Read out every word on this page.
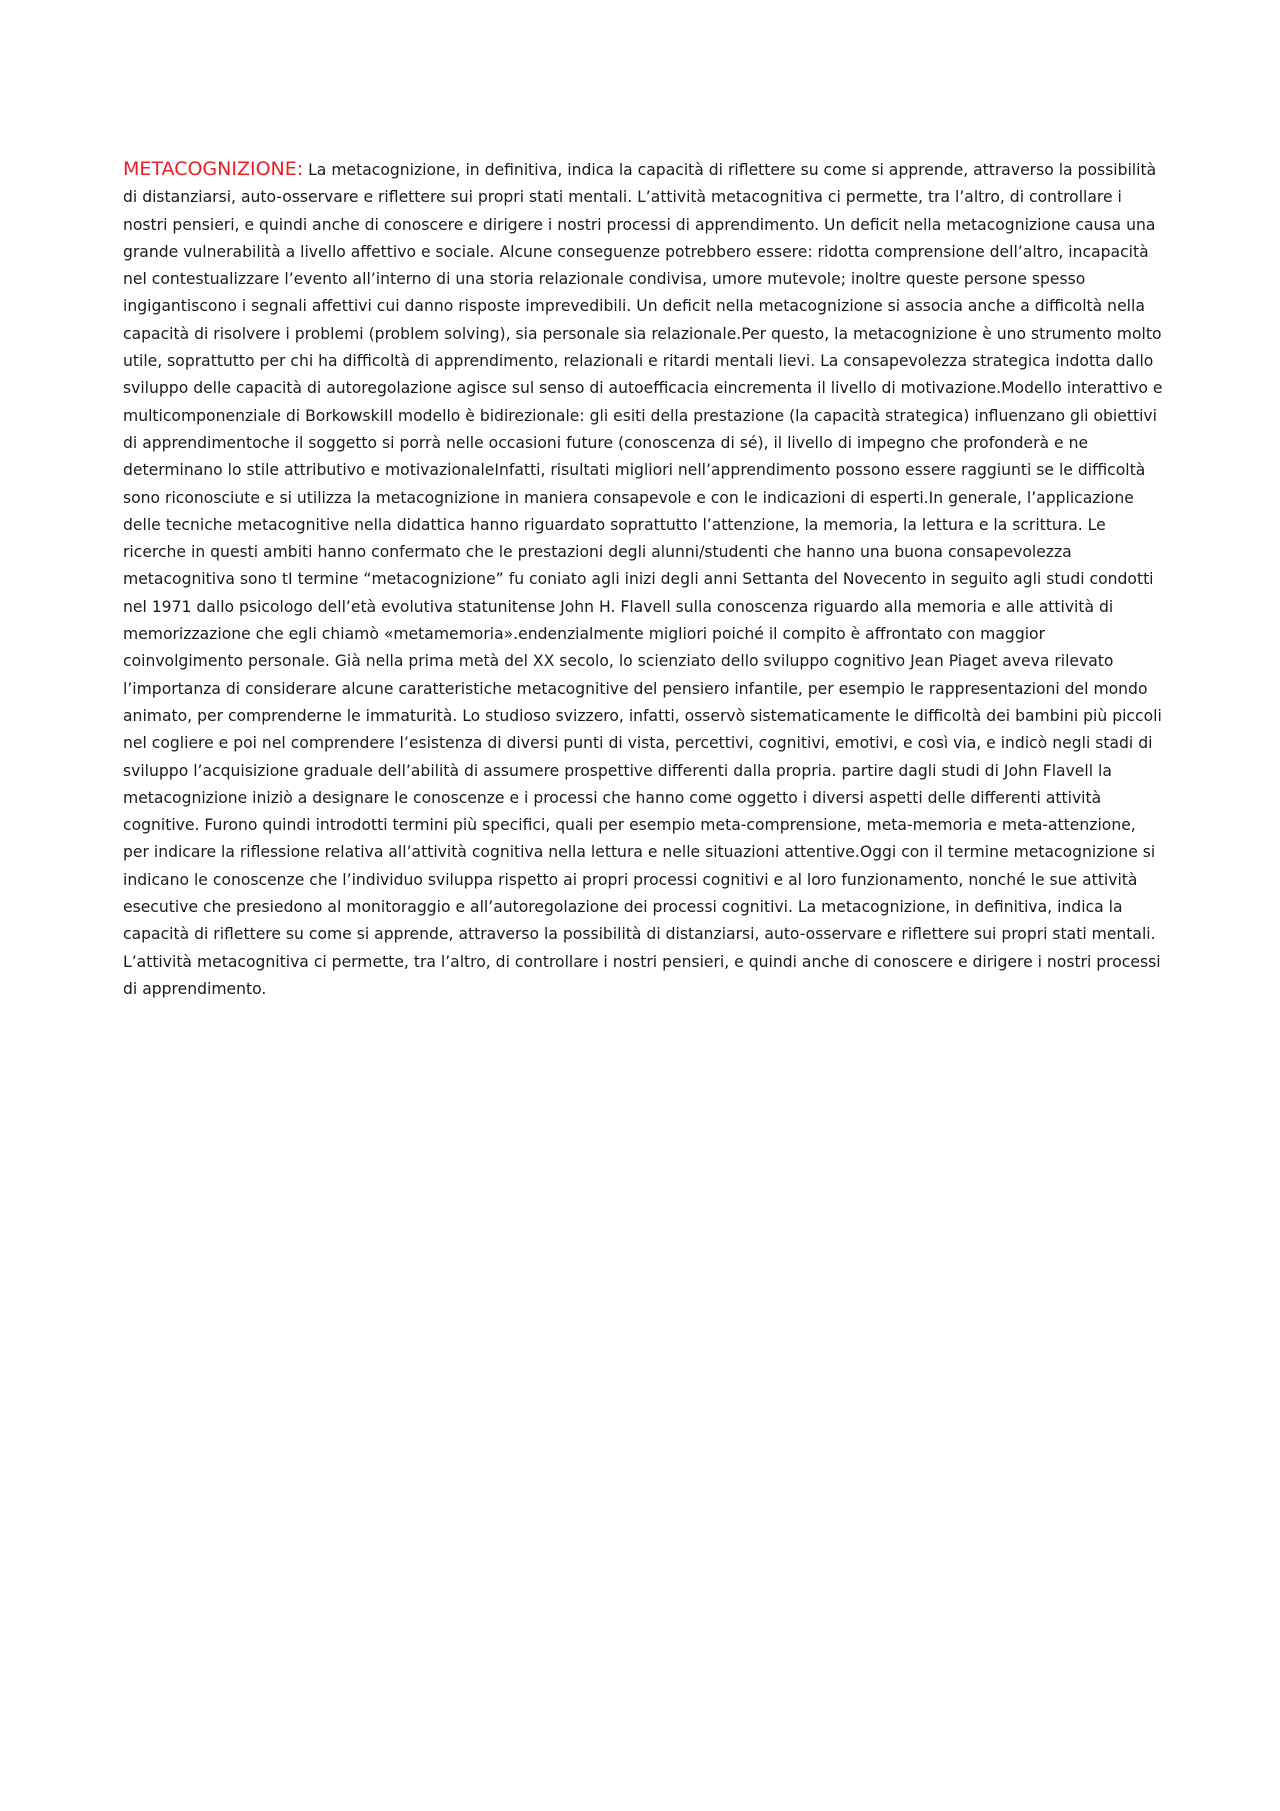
METACOGNIZIONE: La metacognizione, in definitiva, indica la capacità di riflettere su come si apprende, attraverso la possibilità di distanziarsi, auto-osservare e riflettere sui propri stati mentali. L’attività metacognitiva ci permette, tra l’altro, di controllare i nostri pensieri, e quindi anche di conoscere e dirigere i nostri processi di apprendimento. Un deficit nella metacognizione causa una grande vulnerabilità a livello affettivo e sociale. Alcune conseguenze potrebbero essere: ridotta comprensione dell’altro, incapacità nel contestualizzare l’evento all’interno di una storia relazionale condivisa, umore mutevole; inoltre queste persone spesso ingigantiscono i segnali affettivi cui danno risposte imprevedibili. Un deficit nella metacognizione si associa anche a difficoltà nella capacità di risolvere i problemi (problem solving), sia personale sia relazionale.Per questo, la metacognizione è uno strumento molto utile, soprattutto per chi ha difficoltà di apprendimento, relazionali e ritardi mentali lievi. La consapevolezza strategica indotta dallo sviluppo delle capacità di autoregolazione agisce sul senso di autoefficacia eincrementa il livello di motivazione.Modello interattivo e multicomponenziale di BorkowskiIl modello è bidirezionale: gli esiti della prestazione (la capacità strategica) influenzano gli obiettivi di apprendimentoche il soggetto si porrà nelle occasioni future (conoscenza di sé), il livello di impegno che profonderà e ne determinano lo stile attributivo e motivazionaleInfatti, risultati migliori nell’apprendimento possono essere raggiunti se le difficoltà sono riconosciute e si utilizza la metacognizione in maniera consapevole e con le indicazioni di esperti.In generale, l’applicazione delle tecniche metacognitive nella didattica hanno riguardato soprattutto l’attenzione, la memoria, la lettura e la scrittura. Le ricerche in questi ambiti hanno confermato che le prestazioni degli alunni/studenti che hanno una buona consapevolezza metacognitiva sono tI termine “metacognizione” fu coniato agli inizi degli anni Settanta del Novecento in seguito agli studi condotti nel 1971 dallo psicologo dell’età evolutiva statunitense John H. Flavell sulla conoscenza riguardo alla memoria e alle attività di memorizzazione che egli chiamò «metamemoria».endenzialmente migliori poiché il compito è affrontato con maggior coinvolgimento personale. Già nella prima metà del XX secolo, lo scienziato dello sviluppo cognitivo Jean Piaget aveva rilevato l’importanza di considerare alcune caratteristiche metacognitive del pensiero infantile, per esempio le rappresentazioni del mondo animato, per comprenderne le immaturità. Lo studioso svizzero, infatti, osservò sistematicamente le difficoltà dei bambini più piccoli nel cogliere e poi nel comprendere l’esistenza di diversi punti di vista, percettivi, cognitivi, emotivi, e così via, e indicò negli stadi di sviluppo l’acquisizione graduale dell’abilità di assumere prospettive differenti dalla propria. partire dagli studi di John Flavell la metacognizione iniziò a designare le conoscenze e i processi che hanno come oggetto i diversi aspetti delle differenti attività cognitive. Furono quindi introdotti termini più specifici, quali per esempio meta-comprensione, meta-memoria e meta-attenzione, per indicare la riflessione relativa all’attività cognitiva nella lettura e nelle situazioni attentive.Oggi con il termine metacognizione si indicano le conoscenze che l’individuo sviluppa rispetto ai propri processi cognitivi e al loro funzionamento, nonché le sue attività esecutive che presiedono al monitoraggio e all’autoregolazione dei processi cognitivi. La metacognizione, in definitiva, indica la capacità di riflettere su come si apprende, attraverso la possibilità di distanziarsi, auto-osservare e riflettere sui propri stati mentali. L’attività metacognitiva ci permette, tra l’altro, di controllare i nostri pensieri, e quindi anche di conoscere e dirigere i nostri processi di apprendimento.
